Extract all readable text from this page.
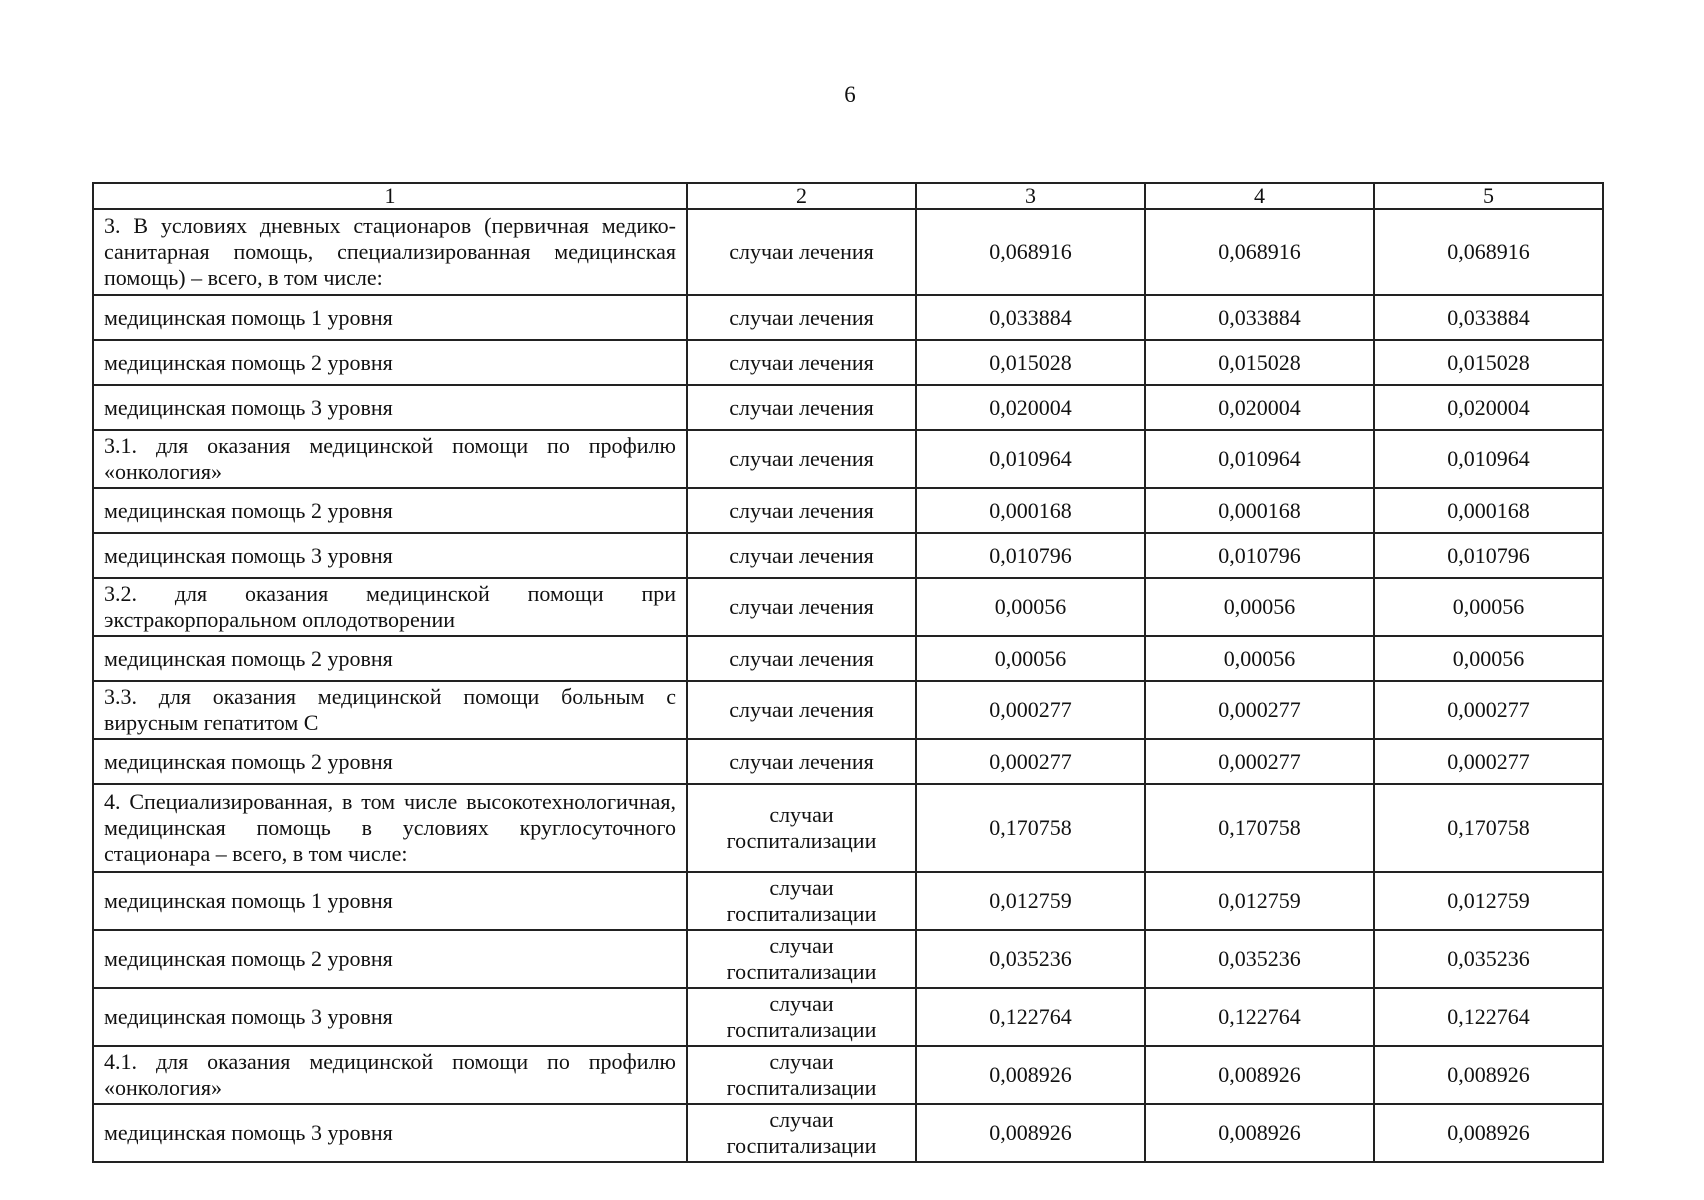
6
1	2	3	4	5
3. В условиях дневных стационаров (первичная медико-санитарная помощь, специализированная медицинская помощь) – всего, в том числе:	случаи лечения	0,068916	0,068916	0,068916
медицинская помощь 1 уровня	случаи лечения	0,033884	0,033884	0,033884
медицинская помощь 2 уровня	случаи лечения	0,015028	0,015028	0,015028
медицинская помощь 3 уровня	случаи лечения	0,020004	0,020004	0,020004
3.1. для оказания медицинской помощи по профилю «онкология»	случаи лечения	0,010964	0,010964	0,010964
медицинская помощь 2 уровня	случаи лечения	0,000168	0,000168	0,000168
медицинская помощь 3 уровня	случаи лечения	0,010796	0,010796	0,010796
3.2. для оказания медицинской помощи при экстракорпоральном оплодотворении	случаи лечения	0,00056	0,00056	0,00056
медицинская помощь 2 уровня	случаи лечения	0,00056	0,00056	0,00056
3.3. для оказания медицинской помощи больным с вирусным гепатитом С	случаи лечения	0,000277	0,000277	0,000277
медицинская помощь 2 уровня	случаи лечения	0,000277	0,000277	0,000277
4. Специализированная, в том числе высокотехнологичная, медицинская помощь в условиях круглосуточного стационара – всего, в том числе:	случаи госпитализации	0,170758	0,170758	0,170758
медицинская помощь 1 уровня	случаи госпитализации	0,012759	0,012759	0,012759
медицинская помощь 2 уровня	случаи госпитализации	0,035236	0,035236	0,035236
медицинская помощь 3 уровня	случаи госпитализации	0,122764	0,122764	0,122764
4.1. для оказания медицинской помощи по профилю «онкология»	случаи госпитализации	0,008926	0,008926	0,008926
медицинская помощь 3 уровня	случаи госпитализации	0,008926	0,008926	0,008926
